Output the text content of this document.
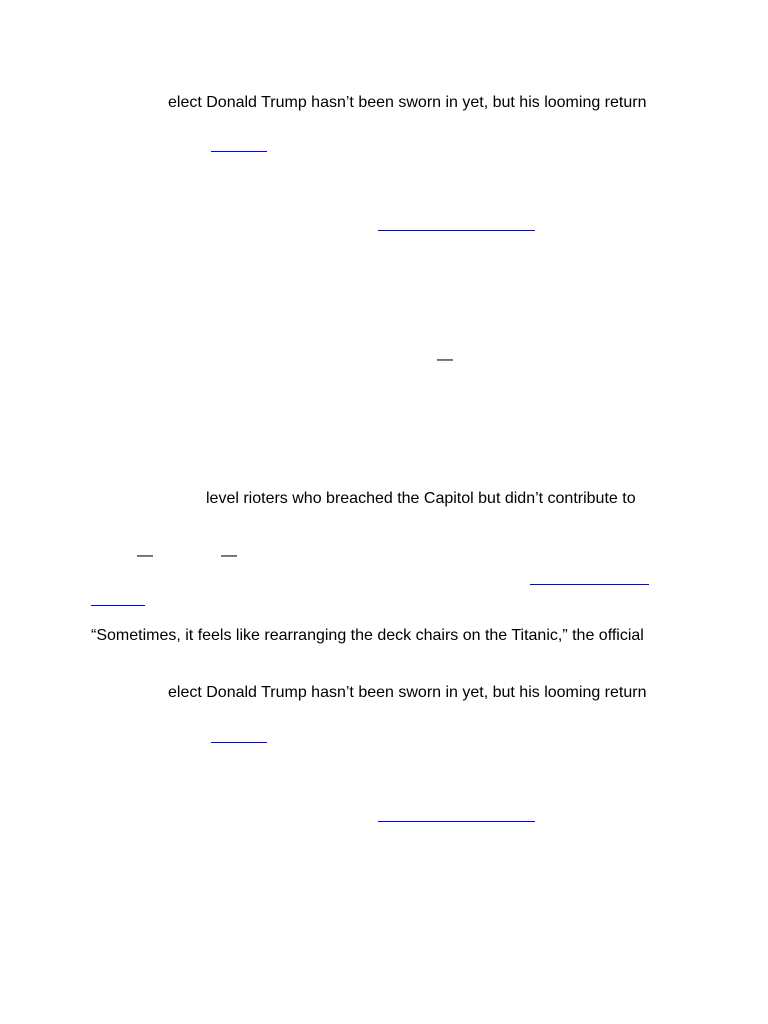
elect Donald Trump hasn’t been sworn in yet, but his looming return

—

level rioters who breached the Capitol but didn’t contribute to

—	—

“Sometimes, it feels like rearranging the deck chairs on the Titanic,” the official

elect Donald Trump hasn’t been sworn in yet, but his looming return
